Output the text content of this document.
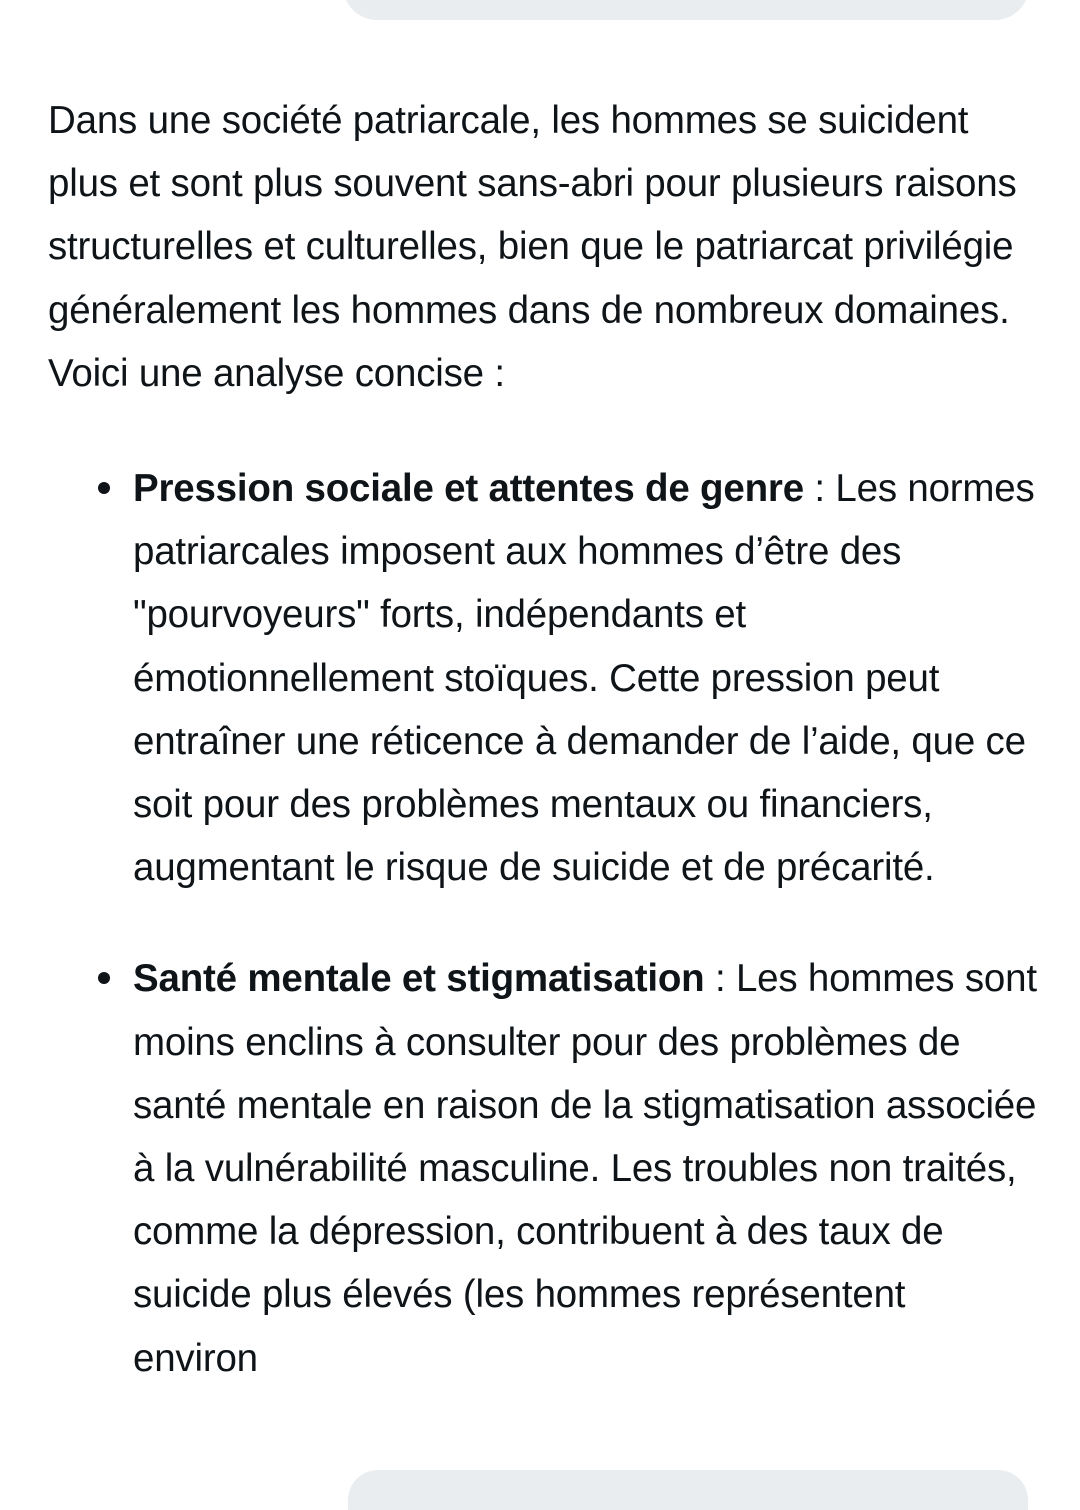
Dans une société patriarcale, les hommes se suicident plus et sont plus souvent sans-abri pour plusieurs raisons structurelles et culturelles, bien que le patriarcat privilégie généralement les hommes dans de nombreux domaines. Voici une analyse concise :

Pression sociale et attentes de genre : Les normes patriarcales imposent aux hommes d’être des "pourvoyeurs" forts, indépendants et émotionnellement stoïques. Cette pression peut entraîner une réticence à demander de l’aide, que ce soit pour des problèmes mentaux ou financiers, augmentant le risque de suicide et de précarité.
Santé mentale et stigmatisation : Les hommes sont moins enclins à consulter pour des problèmes de santé mentale en raison de la stigmatisation associée à la vulnérabilité masculine. Les troubles non traités, comme la dépression, contribuent à des taux de suicide plus élevés (les hommes représentent environ
